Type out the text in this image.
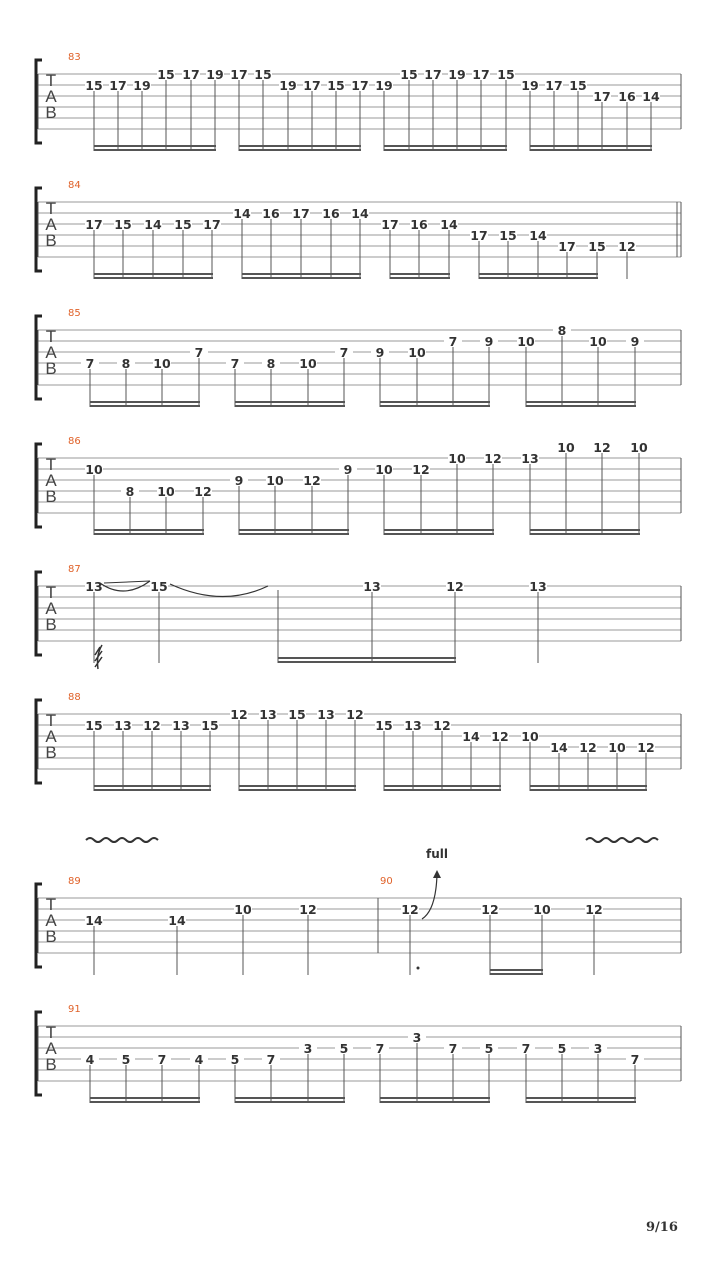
T
A
B
83
15 17 19
15 17 19 17 15
19 17 15 17 19
15 17 19 17 15
19 17 15
17 16 14
T
A
B
84
17 15 14 15 17
14 16 17 16 14
17 16 14
17 15 14
17 15 12
T
A
B
85
7 8 10
7
7 8 10
7 9 10
7 9 10
8
10 9
T
A
B
86
10
8 10 12
9 10 12
9 10 12
10 12 13
10 12 10
T
A
B
87
13	15	13	12	13
T
A
B
88
15 13 12 13 15
12 13 15 13 12
15 13 12
14 12 10
14 12 10 12
T
A
B
89	90
14	14
10	12	12	12	10	12
full
T
A
B
91
4 5 7 4 5 7
3 5 7
3
7 5 7 5 3
7
9/16
